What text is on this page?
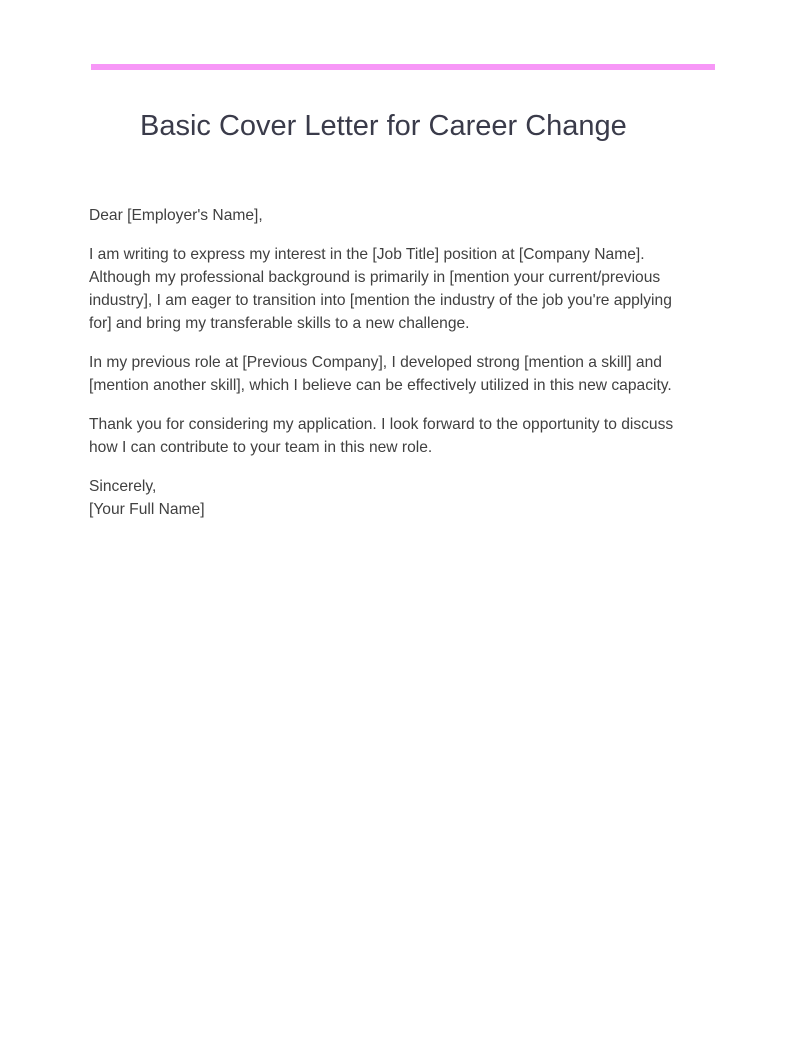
Basic Cover Letter for Career Change

Dear [Employer's Name],

I am writing to express my interest in the [Job Title] position at [Company Name]. Although my professional background is primarily in [mention your current/previous industry], I am eager to transition into [mention the industry of the job you're applying for] and bring my transferable skills to a new challenge.

In my previous role at [Previous Company], I developed strong [mention a skill] and [mention another skill], which I believe can be effectively utilized in this new capacity.

Thank you for considering my application. I look forward to the opportunity to discuss how I can contribute to your team in this new role.

Sincerely,

[Your Full Name]
